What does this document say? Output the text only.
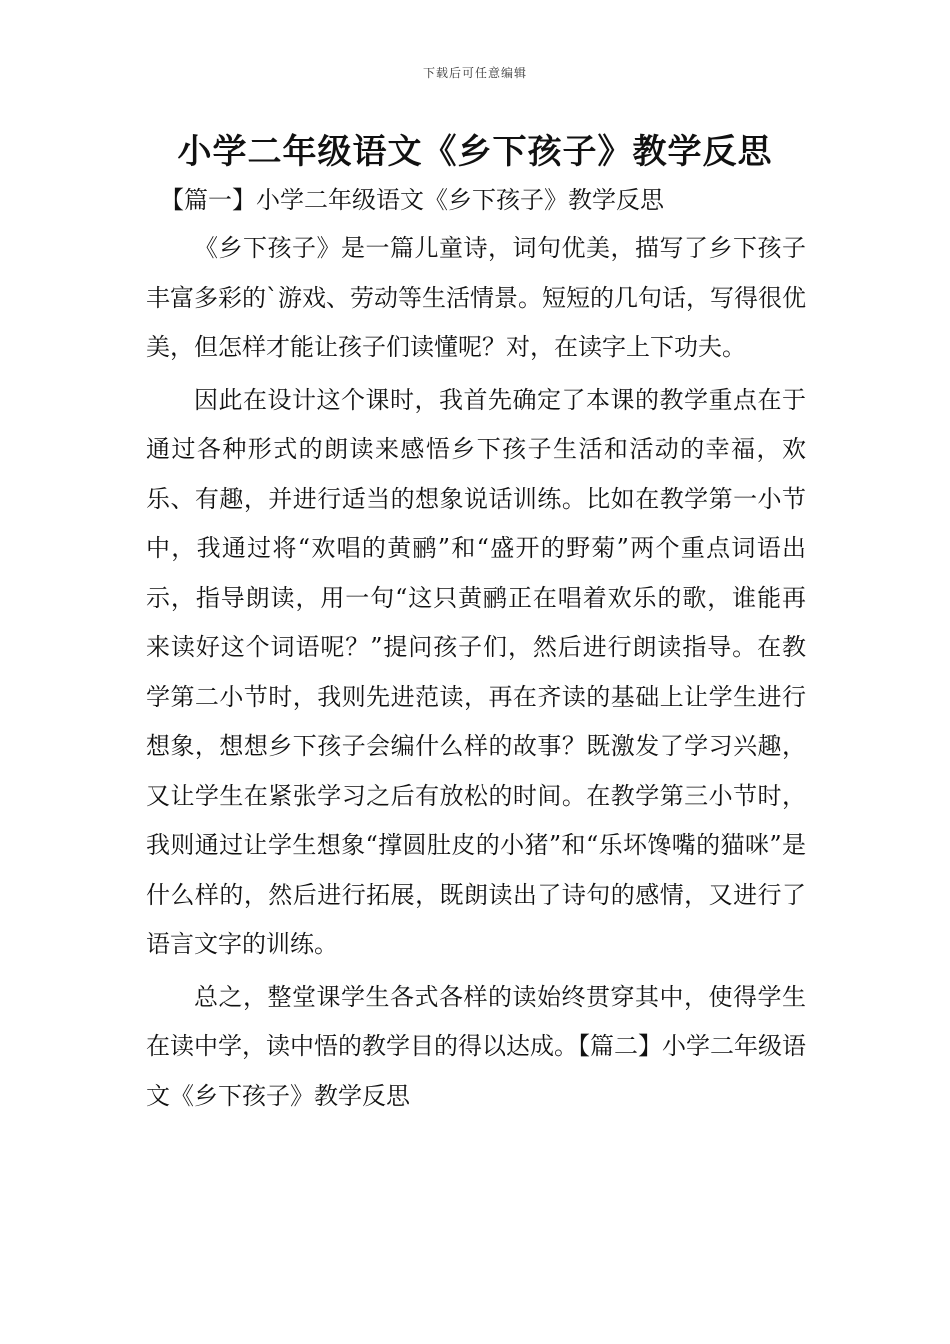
下载后可任意编辑
小学二年级语文《乡下孩子》教学反思
【篇一】小学二年级语文《乡下孩子》教学反思

《乡下孩子》是一篇儿童诗，词句优美，描写了乡下孩子丰富多彩的`游戏、劳动等生活情景。短短的几句话，写得很优美，但怎样才能让孩子们读懂呢？对，在读字上下功夫。

因此在设计这个课时，我首先确定了本课的教学重点在于通过各种形式的朗读来感悟乡下孩子生活和活动的幸福，欢乐、有趣，并进行适当的想象说话训练。比如在教学第一小节中，我通过将“欢唱的黄鹂”和“盛开的野菊”两个重点词语出示，指导朗读，用一句“这只黄鹂正在唱着欢乐的歌，谁能再来读好这个词语呢？”提问孩子们，然后进行朗读指导。在教学第二小节时，我则先进范读，再在齐读的基础上让学生进行想象，想想乡下孩子会编什么样的故事？既激发了学习兴趣，又让学生在紧张学习之后有放松的时间。在教学第三小节时，我则通过让学生想象“撑圆肚皮的小猪”和“乐坏馋嘴的猫咪”是什么样的，然后进行拓展，既朗读出了诗句的感情，又进行了语言文字的训练。

总之，整堂课学生各式各样的读始终贯穿其中，使得学生在读中学，读中悟的教学目的得以达成。【篇二】小学二年级语文《乡下孩子》教学反思
